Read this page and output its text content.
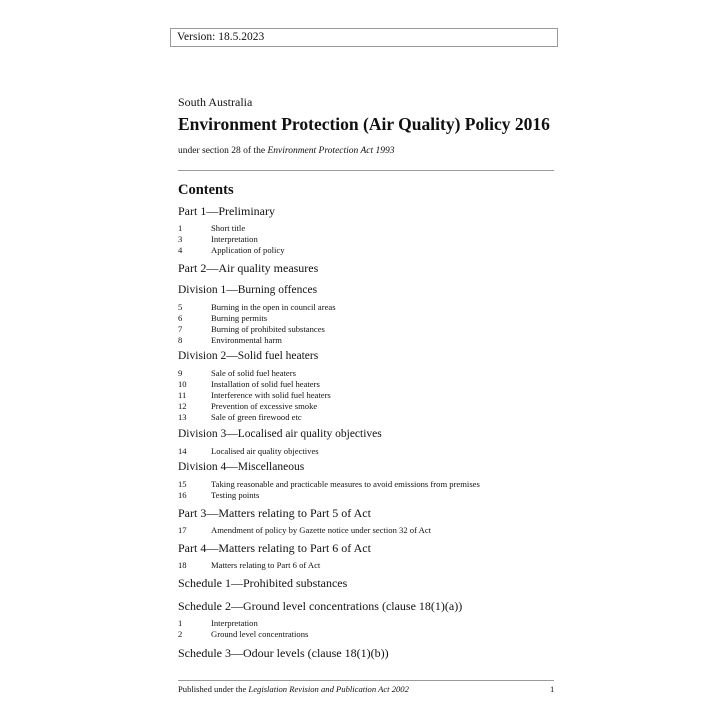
Version: 18.5.2023
South Australia
Environment Protection (Air Quality) Policy 2016
under section 28 of the Environment Protection Act 1993
Contents
Part 1—Preliminary
1	Short title
3	Interpretation
4	Application of policy
Part 2—Air quality measures
Division 1—Burning offences
5	Burning in the open in council areas
6	Burning permits
7	Burning of prohibited substances
8	Environmental harm
Division 2—Solid fuel heaters
9	Sale of solid fuel heaters
10	Installation of solid fuel heaters
11	Interference with solid fuel heaters
12	Prevention of excessive smoke
13	Sale of green firewood etc
Division 3—Localised air quality objectives
14	Localised air quality objectives
Division 4—Miscellaneous
15	Taking reasonable and practicable measures to avoid emissions from premises
16	Testing points
Part 3—Matters relating to Part 5 of Act
17	Amendment of policy by Gazette notice under section 32 of Act
Part 4—Matters relating to Part 6 of Act
18	Matters relating to Part 6 of Act
Schedule 1—Prohibited substances
Schedule 2—Ground level concentrations (clause 18(1)(a))
1	Interpretation
2	Ground level concentrations
Schedule 3—Odour levels (clause 18(1)(b))
Published under the Legislation Revision and Publication Act 2002	1
